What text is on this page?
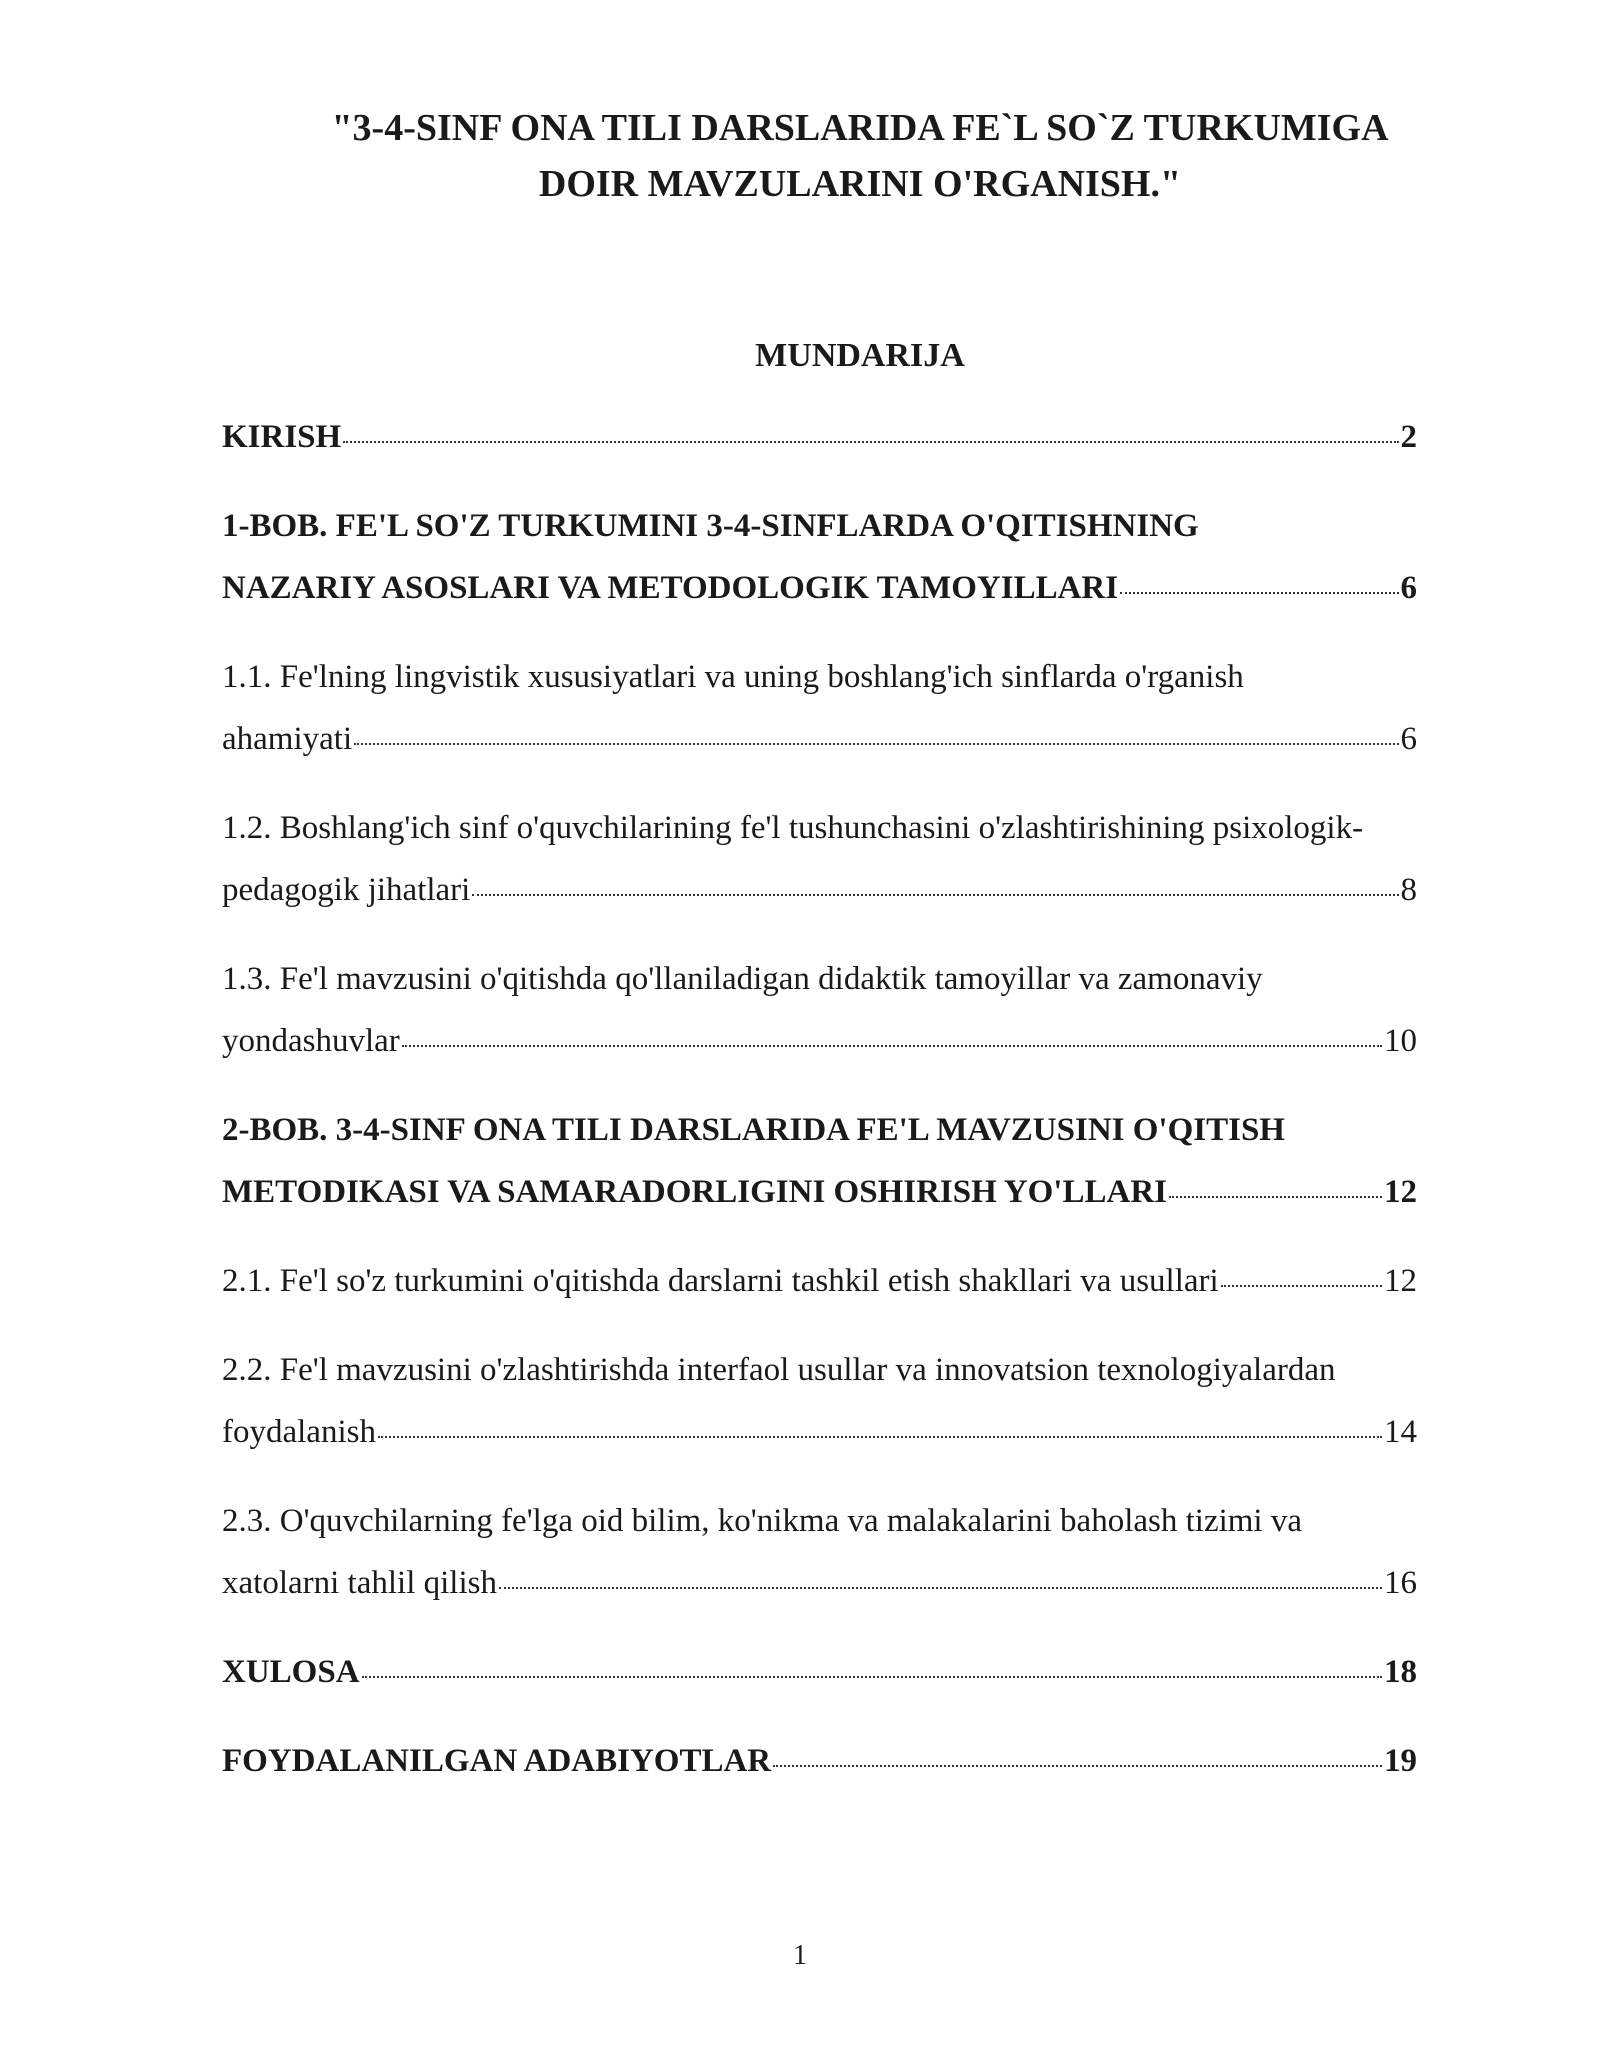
"3-4-SINF ONA TILI DARSLARIDA FE`L SO`Z TURKUMIGA
DOIR MAVZULARINI O'RGANISH."
MUNDARIJA
KIRISH	2
1-BOB. FE'L SO'Z TURKUMINI 3-4-SINFLARDA O'QITISHNING
NAZARIY ASOSLARI VA METODOLOGIK TAMOYILLARI	6
1.1. Fe'lning lingvistik xususiyatlari va uning boshlang'ich sinflarda o'rganish
ahamiyati	6
1.2. Boshlang'ich sinf o'quvchilarining fe'l tushunchasini o'zlashtirishining psixologik-
pedagogik jihatlari	8
1.3. Fe'l mavzusini o'qitishda qo'llaniladigan didaktik tamoyillar va zamonaviy
yondashuvlar	10
2-BOB. 3-4-SINF ONA TILI DARSLARIDA FE'L MAVZUSINI O'QITISH
METODIKASI VA SAMARADORLIGINI OSHIRISH YO'LLARI	12
2.1. Fe'l so'z turkumini o'qitishda darslarni tashkil etish shakllari va usullari	12
2.2. Fe'l mavzusini o'zlashtirishda interfaol usullar va innovatsion texnologiyalardan
foydalanish	14
2.3. O'quvchilarning fe'lga oid bilim, ko'nikma va malakalarini baholash tizimi va
xatolarni tahlil qilish	16
XULOSA	18
FOYDALANILGAN ADABIYOTLAR	19
1
